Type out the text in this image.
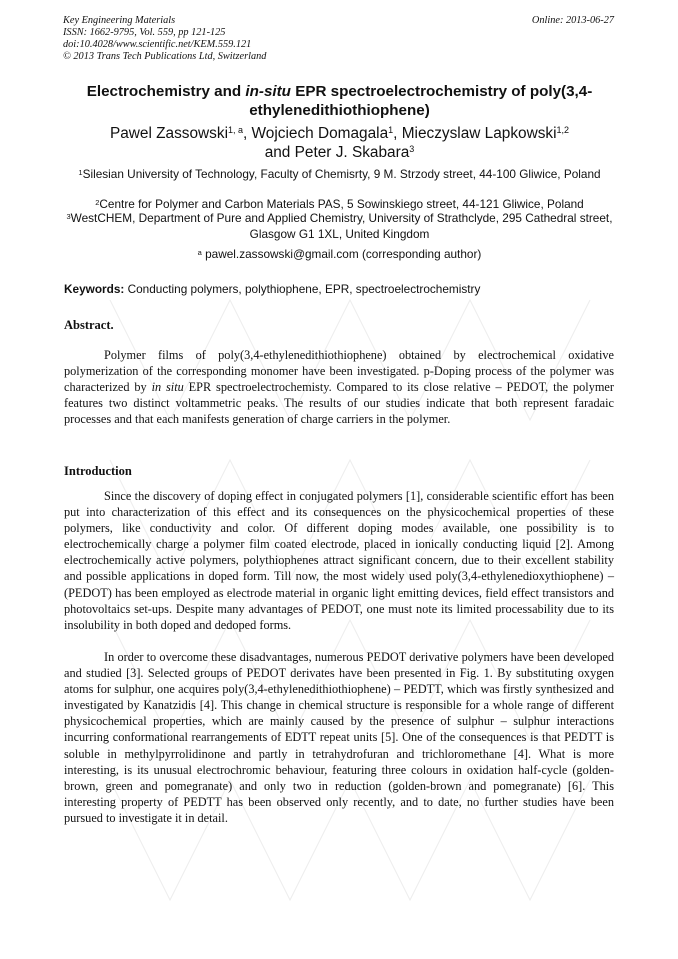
Key Engineering Materials
ISSN: 1662-9795, Vol. 559, pp 121-125
doi:10.4028/www.scientific.net/KEM.559.121
© 2013 Trans Tech Publications Ltd, Switzerland
Online: 2013-06-27
Electrochemistry and in-situ EPR spectroelectrochemistry of poly(3,4-ethylenedithiothiophene)
Pawel Zassowski$^{1, a}$, Wojciech Domagala$^1$, Mieczyslaw Lapkowski$^{1,2}$
and Peter J. Skabara$^3$
$^1$Silesian University of Technology, Faculty of Chemisrty, 9 M. Strzody street, 44-100 Gliwice, Poland
$^2$Centre for Polymer and Carbon Materials PAS, 5 Sowinskiego street, 44-121 Gliwice, Poland
$^3$WestCHEM, Department of Pure and Applied Chemistry, University of Strathclyde, 295 Cathedral street, Glasgow G1 1XL, United Kingdom
$^a$ pawel.zassowski@gmail.com (corresponding author)
Keywords: Conducting polymers, polythiophene, EPR, spectroelectrochemistry
Abstract.
Polymer films of poly(3,4-ethylenedithiothiophene) obtained by electrochemical oxidative polymerization of the corresponding monomer have been investigated. p-Doping process of the polymer was characterized by in situ EPR spectroelectrochemisty. Compared to its close relative – PEDOT, the polymer features two distinct voltammetric peaks. The results of our studies indicate that both represent faradaic processes and that each manifests generation of charge carriers in the polymer.
Introduction
Since the discovery of doping effect in conjugated polymers [1], considerable scientific effort has been put into characterization of this effect and its consequences on the physicochemical properties of these polymers, like conductivity and color. Of different doping modes available, one possibility is to electrochemically charge a polymer film coated electrode, placed in ionically conducting liquid [2]. Among electrochemically active polymers, polythiophenes attract significant concern, due to their excellent stability and possible applications in doped form. Till now, the most widely used poly(3,4-ethylenedioxythiophene) – (PEDOT) has been employed as electrode material in organic light emitting devices, field effect transistors and photovoltaics set-ups. Despite many advantages of PEDOT, one must note its limited processability due to its insolubility in both doped and dedoped forms.
In order to overcome these disadvantages, numerous PEDOT derivative polymers have been developed and studied [3]. Selected groups of PEDOT derivates have been presented in Fig. 1. By substituting oxygen atoms for sulphur, one acquires poly(3,4-ethylenedithiothiophene) – PEDTT, which was firstly synthesized and investigated by Kanatzidis [4]. This change in chemical structure is responsible for a whole range of different physicochemical properties, which are mainly caused by the presence of sulphur – sulphur interactions incurring conformational rearrangements of EDTT repeat units [5]. One of the consequences is that PEDTT is soluble in methylpyrrolidinone and partly in tetrahydrofuran and trichloromethane [4]. What is more interesting, is its unusual electrochromic behaviour, featuring three colours in oxidation half-cycle (golden-brown, green and pomegranate) and only two in reduction (golden-brown and pomegranate) [6]. This interesting property of PEDTT has been observed only recently, and to date, no further studies have been pursued to investigate it in detail.
